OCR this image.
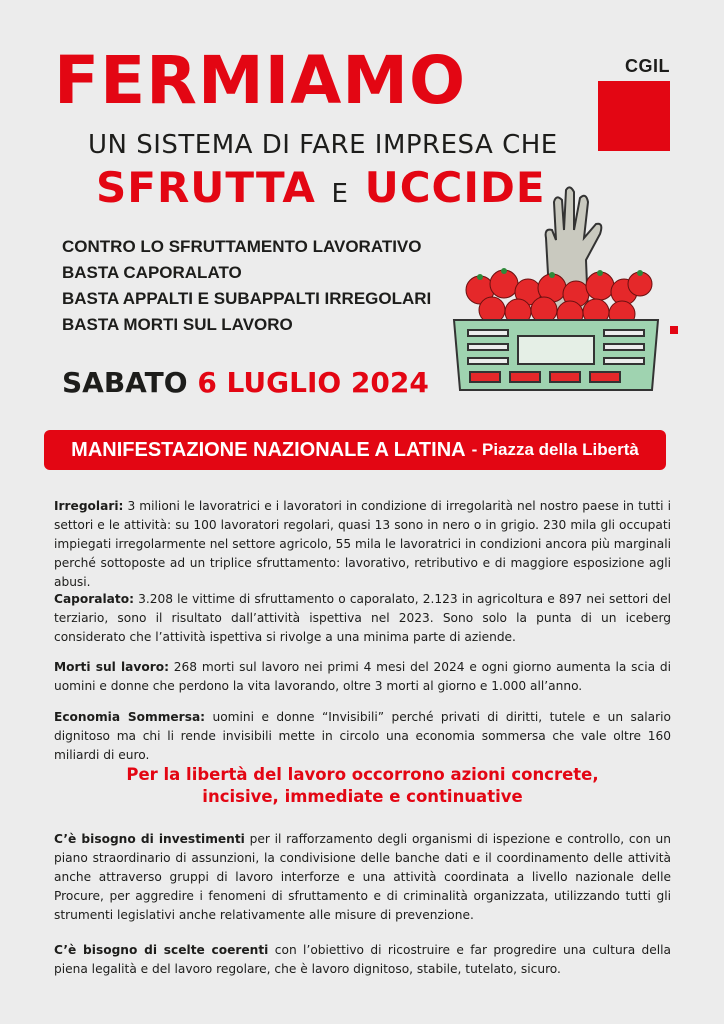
FERMIAMO

UN SISTEMA DI FARE IMPRESA CHE

SFRUTTA E UCCIDE

CGIL
CONTRO LO SFRUTTAMENTO LAVORATIVO
BASTA CAPORALATO
BASTA APPALTI E SUBAPPALTI IRREGOLARI
BASTA MORTI SUL LAVORO

SABATO 6 LUGLIO 2024

MANIFESTAZIONE NAZIONALE A LATINA - Piazza della Libertà

Irregolari: 3 milioni le lavoratrici e i lavoratori in condizione di irregolarità nel nostro paese in tutti i settori e le attività: su 100 lavoratori regolari, quasi 13 sono in nero o in grigio. 230 mila gli occupati impiegati irregolarmente nel settore agricolo, 55 mila le lavoratrici in condizioni ancora più marginali perché sottoposte ad un triplice sfruttamento: lavorativo, retributivo e di maggiore esposizione agli abusi.

Caporalato: 3.208 le vittime di sfruttamento o caporalato, 2.123 in agricoltura e 897 nei settori del terziario, sono il risultato dall’attività ispettiva nel 2023. Sono solo la punta di un iceberg considerato che l’attività ispettiva si rivolge a una minima parte di aziende.

Morti sul lavoro: 268 morti sul lavoro nei primi 4 mesi del 2024 e ogni giorno aumenta la scia di uomini e donne che perdono la vita lavorando, oltre 3 morti al giorno e 1.000 all’anno.

Economia Sommersa: uomini e donne “Invisibili” perché privati di diritti, tutele e un salario dignitoso ma chi li rende invisibili mette in circolo una economia sommersa che vale oltre 160 miliardi di euro.

Per la libertà del lavoro occorrono azioni concrete,
incisive, immediate e continuative

C’è bisogno di investimenti per il rafforzamento degli organismi di ispezione e controllo, con un piano straordinario di assunzioni, la condivisione delle banche dati e il coordinamento delle attività anche attraverso gruppi di lavoro interforze e una attività coordinata a livello nazionale delle Procure, per aggredire i fenomeni di sfruttamento e di criminalità organizzata, utilizzando tutti gli strumenti legislativi anche relativamente alle misure di prevenzione.

C’è bisogno di scelte coerenti con l’obiettivo di ricostruire e far progredire una cultura della piena legalità e del lavoro regolare, che è lavoro dignitoso, stabile, tutelato, sicuro.
